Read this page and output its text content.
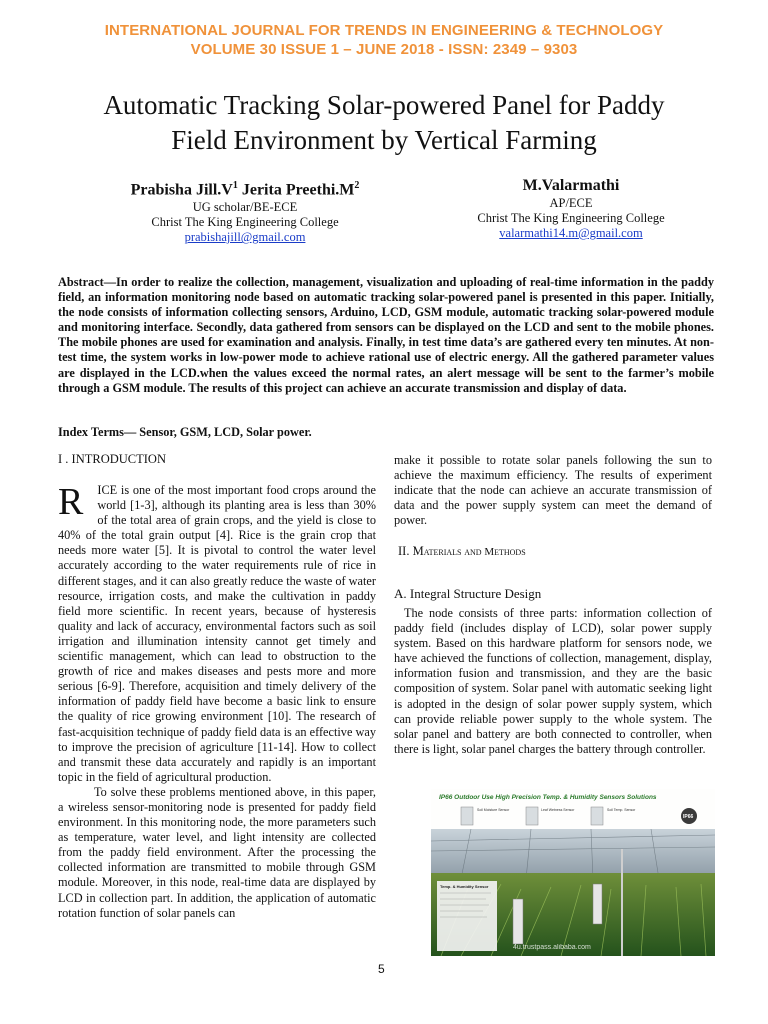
INTERNATIONAL JOURNAL FOR TRENDS IN ENGINEERING & TECHNOLOGY
VOLUME 30 ISSUE 1 – JUNE 2018 - ISSN: 2349 – 9303
Automatic Tracking Solar-powered Panel for Paddy
Field Environment by Vertical Farming
Prabisha $Jill.V^1$ Jerita $Preethi.M^2$
UG scholar/BE-ECE
Christ The King Engineering College
prabishajill@gmail.com
M.Valarmathi
AP/ECE
Christ The King Engineering College
valarmathi14.m@gmail.com
Abstract—In order to realize the collection, management, visualization and uploading of real-time information in the paddy field, an information monitoring node based on automatic tracking solar-powered panel is presented in this paper. Initially, the node consists of information collecting sensors, Arduino, LCD, GSM module, automatic tracking solar-powered module and monitoring interface. Secondly, data gathered from sensors can be displayed on the LCD and sent to the mobile phones. The mobile phones are used for examination and analysis. Finally, in test time data’s are gathered every ten minutes. At non-test time, the system works in low-power mode to achieve rational use of electric energy. All the gathered parameter values are displayed in the LCD.when the values exceed the normal rates, an alert message will be sent to the farmer’s mobile through a GSM module. The results of this project can achieve an accurate transmission and display of data.
Index Terms— Sensor, GSM, LCD, Solar power.
I . INTRODUCTION

R ICE is one of the most important food crops around the world [1-3], although its planting area is less than 30% of the total area of grain crops, and the yield is close to 40% of the total grain output [4]. Rice is the grain crop that needs more water [5]. It is pivotal to control the water level accurately according to the water requirements rule of rice in different stages, and it can also greatly reduce the waste of water resource, irrigation costs, and make the cultivation in paddy field more scientific. In recent years, because of hysteresis quality and lack of accuracy, environmental factors such as soil irrigation and illumination intensity cannot get timely and scientific management, which can lead to obstruction to the growth of rice and makes diseases and pests more and more serious [6-9]. Therefore, acquisition and timely delivery of the information of paddy field have become a basic link to ensure the quality of rice growing environment [10]. The research of fast-acquisition technique of paddy field data is an effective way to improve the precision of agriculture [11-14]. How to collect and transmit these data accurately and rapidly is an important topic in the field of agricultural production.

To solve these problems mentioned above, in this paper, a wireless sensor-monitoring node is presented for paddy field environment. In this monitoring node, the more parameters such as temperature, water level, and light intensity are collected from the paddy field environment. After the processing the collected information are transmitted to mobile through GSM module. Moreover, in this node, real-time data are displayed by LCD in collection part. In addition, the application of automatic rotation function of solar panels can

make it possible to rotate solar panels following the sun to achieve the maximum efficiency. The results of experiment indicate that the node can achieve an accurate transmission of data and the power supply system can meet the demand of power.
II. Materials and Methods
A. Integral Structure Design
The node consists of three parts: information collection of paddy field (includes display of LCD), solar power supply system. Based on this hardware platform for sensors node, we have achieved the functions of collection, management, display, information fusion and transmission, and they are the basic composition of system. Solar panel with automatic seeking light is adopted in the design of solar power supply system, which can provide reliable power supply to the whole system. The solar panel and battery are both connected to controller, when there is light, solar panel charges the battery through controller.
IP66 Outdoor Use High Precision Temp. & Humidity Sensors Solutions
Soil Moisture Sensor	Leaf Wetness Sensor	Soil Temp. Sensor
IP66
Temp. & Humidity Sensor
4u.trustpass.alibaba.com
5
